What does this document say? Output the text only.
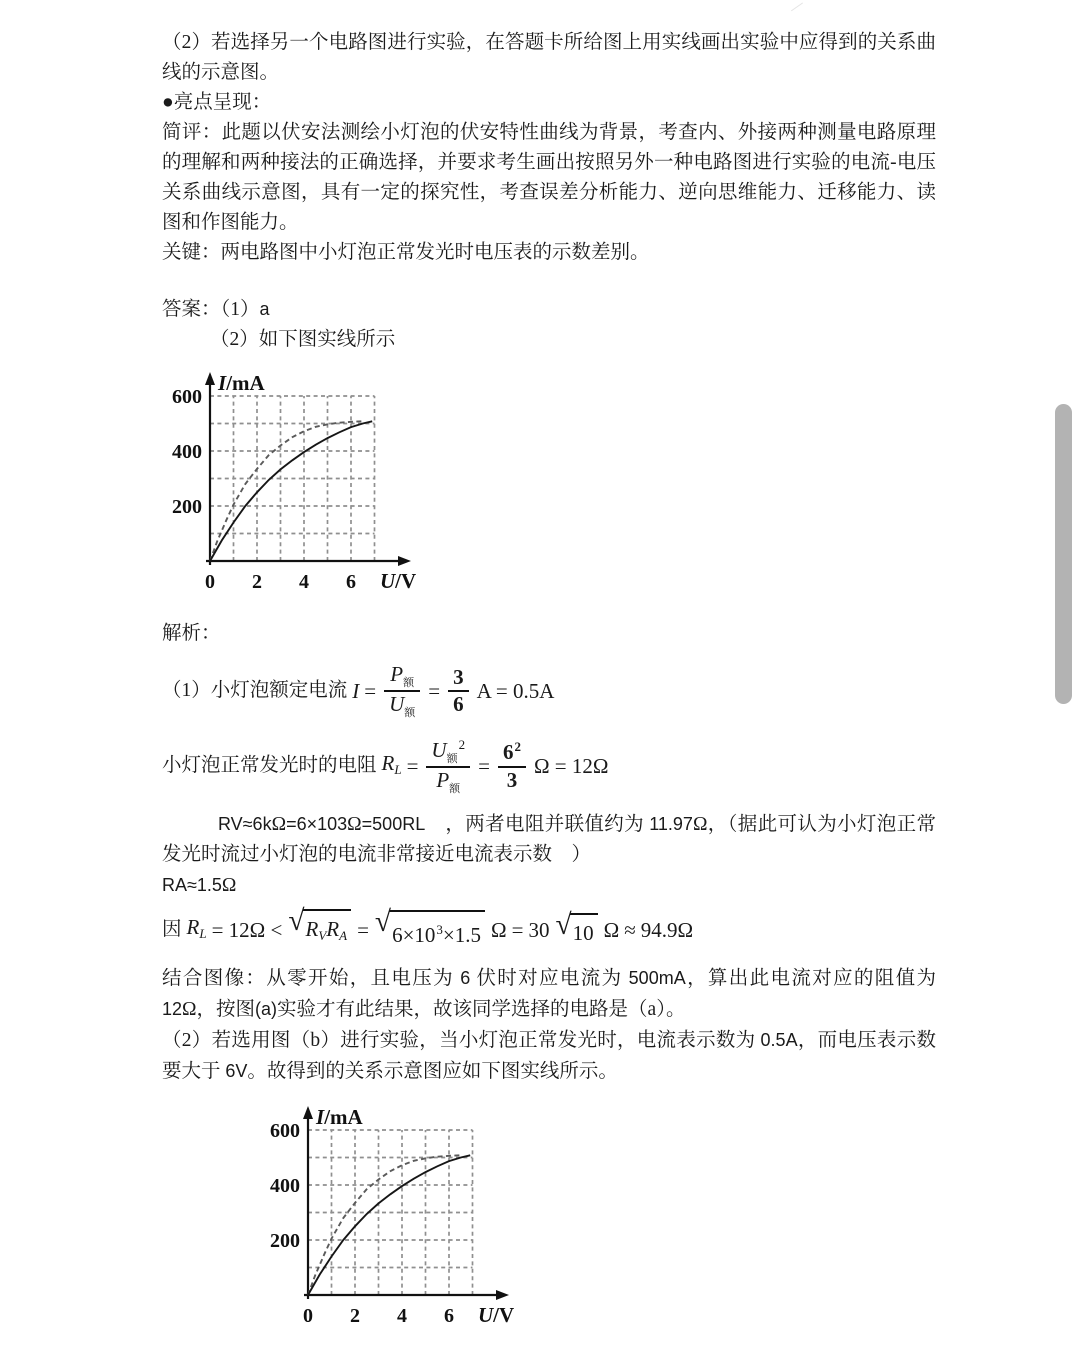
（2）若选择另一个电路图进行实验，在答题卡所给图上用实线画出实验中应得到的关系曲线的示意图。

●亮点呈现：

简评：此题以伏安法测绘小灯泡的伏安特性曲线为背景，考查内、外接两种测量电路原理的理解和两种接法的正确选择，并要求考生画出按照另外一种电路图进行实验的电流-电压关系曲线示意图，具有一定的探究性，考查误差分析能力、逆向思维能力、迁移能力、读图和作图能力。

关键：两电路图中小灯泡正常发光时电压表的示数差别。

答案：（1）a

（2）如下图实线所示

200
400
600
0 2 4 6
I/mA
U/V

解析：

（1）小灯泡额定电流 $I = \frac{P_额}{U_额} = \frac{3}{6}$ A = 0.5A
小灯泡正常发光时的电阻 $R_L = \frac{U_额^2}{P_额} = \frac{6^2}{3}$ Ω = 12Ω

RV≈6kΩ=6×103Ω=500RL　，两者电阻并联值约为 11.97Ω，（据此可认为小灯泡正常发光时流过小灯泡的电流非常接近电流表示数　）

RA≈1.5Ω

因 $R_L = 12\Omega$ < √ $R_VR_A$ = √ $6\times 10^3\times 1.5$ Ω = 30 √ 10 Ω ≈ 94.9Ω

结合图像：从零开始，且电压为 6 伏时对应电流为 500mA，算出此电流对应的阻值为 12Ω，按图(a)实验才有此结果，故该同学选择的电路是（a）。

（2）若选用图（b）进行实验，当小灯泡正常发光时，电流表示数为 0.5A，而电压表示数要大于 6V。故得到的关系示意图应如下图实线所示。

200
400
600
0 2 4 6
I/mA
U/V
